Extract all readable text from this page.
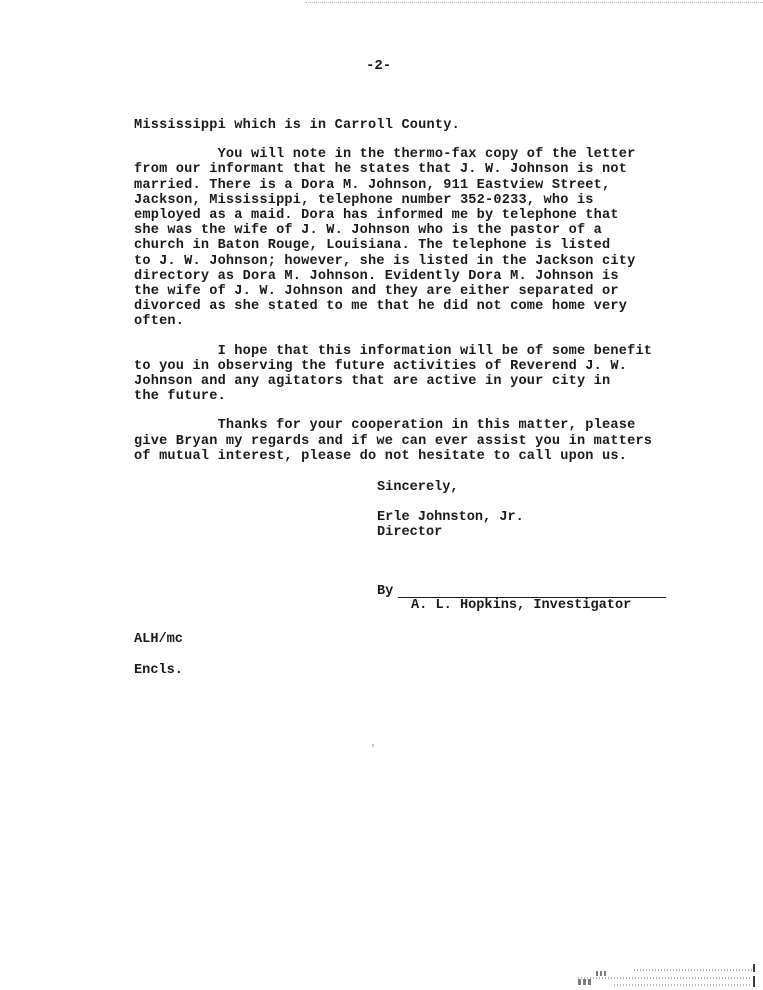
-2-

Mississippi which is in Carroll County.

You will note in the thermo-fax copy of the letter
from our informant that he states that J. W. Johnson is not
married. There is a Dora M. Johnson, 911 Eastview Street,
Jackson, Mississippi, telephone number 352-0233, who is
employed as a maid. Dora has informed me by telephone that
she was the wife of J. W. Johnson who is the pastor of a
church in Baton Rouge, Louisiana. The telephone is listed
to J. W. Johnson; however, she is listed in the Jackson city
directory as Dora M. Johnson. Evidently Dora M. Johnson is
the wife of J. W. Johnson and they are either separated or
divorced as she stated to me that he did not come home very
often.

I hope that this information will be of some benefit
to you in observing the future activities of Reverend J. W.
Johnson and any agitators that are active in your city in
the future.

Thanks for your cooperation in this matter, please
give Bryan my regards and if we can ever assist you in matters
of mutual interest, please do not hesitate to call upon us.

Sincerely,
Erle Johnston, Jr.
Director
By
A. L. Hopkins, Investigator
ALH/mc
Encls.
